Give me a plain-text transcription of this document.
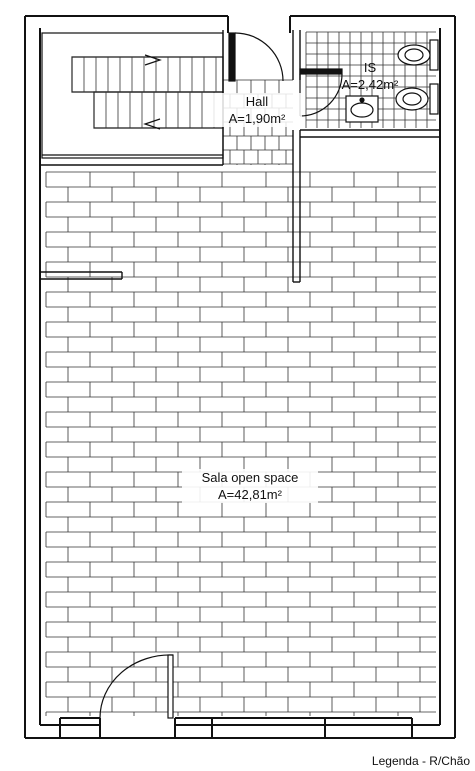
Hall
A=1,90m²
IS
A=2,42m²
Sala open space
A=42,81m²
Legenda - R/Chão
